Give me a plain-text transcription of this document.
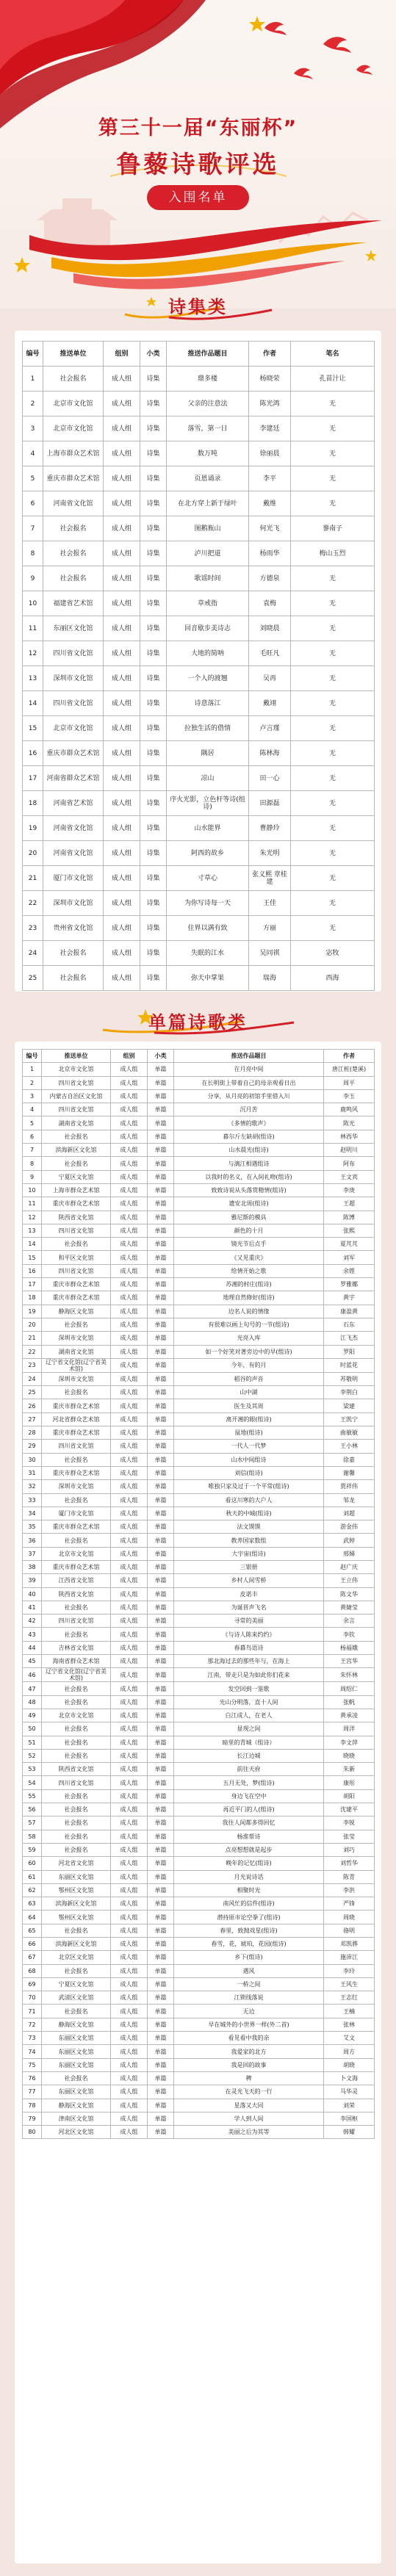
第三十一届“东丽杯”
鲁藜诗歌评选
入围名单
诗集类
编号	推送单位	组别	小类	推送作品题目	作者	笔名
1	社会报名	成人组	诗集	鼎多楼	杨晓荣	孔苗汁让
2	北京市文化馆	成人组	诗集	父亲的注意法	陈光鸿	无
3	北京市文化馆	成人组	诗集	落雪，第一日	李建廷	无
4	上海市群众艺术馆	成人组	诗集	数万吨	徐丽晨	无
5	重庆市群众艺术馆	成人组	诗集	页恩诵录	李平	无
6	河南省文化馆	成人组	诗集	在北方穿上新于绿叶	戴维	无
7	社会报名	成人组	诗集	图鹅瓶山	何光飞	蓼南子
8	社会报名	成人组	诗集	泸川把道	杨雨华	梅山玉烈
9	社会报名	成人组	诗集	歌谣时间	方德泉	无
10	福建省艺术馆	成人组	诗集	草戒指	袁梅	无
11	东丽区文化馆	成人组	诗集	回音歇步美诗志	刘晓晨	无
12	四川省文化馆	成人组	诗集	大地的简呐	毛旺凡	无
13	深圳市文化馆	成人组	诗集	一个人的渡翘	吴再	无
14	四川省文化馆	成人组	诗集	诗意落江	戴翊	无
15	北京市文化馆	成人组	诗集	拉独生活的借情	卢言瑾	无
16	重庆市群众艺术馆	成人组	诗集	隅居	陈林海	无
17	河南省群众艺术馆	成人组	诗集	凉山	田一心	无
18	河南省艺术馆	成人组	诗集	序火光影，立色杆等诗(组诗)	田源磊	无
19	河南省文化馆	成人组	诗集	山水能界	曹静玲	无
20	河南省文化馆	成人组	诗集	阿西的故乡	朱光明	无
21	厦门市文化馆	成人组	诗集	寸草心	张义熙 章桂建	无
22	深圳市文化馆	成人组	诗集	为你写诗每一天	王佳	无
23	贵州省文化馆	成人组	诗集	住界以满有致	方丽	无
24	社会报名	成人组	诗集	失眠的江水	吴同祺	宓牧
25	社会报名	成人组	诗集	弥天中掌果	瑞海	西海
单篇诗歌类
编号	推送单位	组别	小类	推送作品题目	作者
1	北京市文化馆	成人组	单篇	在月亮中间	唐江桩(楚溪)
2	四川省文化馆	成人组	单篇	在长明街上带着自己的母亲观看日出	周平
3	内蒙古自治区文化馆	成人组	单篇	分享，从月亮的初馆手里借入川	李玉
4	四川省文化馆	成人组	单篇	沉月苦	鹿鸣风
5	湖南省文化馆	成人组	单篇	《多情的歌声》	陈光
6	社会报名	成人组	单篇	暮尔斤左缺胡(组诗)	林西华
7	滨海新区文化馆	成人组	单篇	山水晨光(组诗)	赵明川
8	社会报名	成人组	单篇	与漓江相遇组诗	阿布
9	宁夏区文化馆	成人组	单篇	以我时的名义，在入间礼吻(组诗)	王文宾
10	上海市群众艺术馆	成人组	单篇	致致诗说从头落赏精情(组诗)	李庚
11	重庆市群众艺术馆	成人组	单篇	遗安北周(组诗)	王超
12	陕西省文化馆	成人组	单篇	雅尼斯的模具	陈博
13	四川省文化馆	成人组	单篇	颜色的十月	张熙
14	社会报名	成人组	单篇	镜光节后点手	夏芃芃
15	和平区文化馆	成人组	单篇	《又见重庆》	刘军
16	四川省文化馆	成人组	单篇	给情开始之歌	余铿
17	重庆市群众艺术馆	成人组	单篇	苏湘的村庄(组诗)	罗雅娜
18	重庆市群众艺术馆	成人组	单篇	地理自然修好(组诗)	黄宇
19	静海区文化馆	成人组	单篇	边名人说的情缘	康盈黄
20	社会报名	成人组	单篇	有很难以画上句号的一节(组诗)	石东
21	深圳市文化馆	成人组	单篇	光亮入库	江飞杰
22	湖南省文化馆	成人组	单篇	如一个好笑对著旁边中的早(组诗)	罗阳
23	辽宁省文化馆(辽宁省美术馆)	成人组	单篇	今年，有的月	时蓝花
24	深圳市文化馆	成人组	单篇	稻谷的声音	苏敬明
25	社会报名	成人组	单篇	山中湖	李荆白
26	重庆市群众艺术馆	成人组	单篇	医生及其周	梁建
27	河北省群众艺术馆	成人组	单篇	离开湘的眼(组诗)	王凯宁
28	重庆市群众艺术馆	成人组	单篇	鼠地(组诗)	曲敏敏
29	四川省文化馆	成人组	单篇	一代人一代梦	王小林
30	社会报名	成人组	单篇	山水中间组诗	徐嘉
31	重庆市群众艺术馆	成人组	单篇	刘信(组诗)	谢馨
32	深圳市文化馆	成人组	单篇	唯独只家及过于一个平常(组诗)	贾祥伟
33	社会报名	成人组	单篇	看这川寒的大户人	邹龙
34	厦门市文化馆	成人组	单篇	秋天的中城(组诗)	刘超
35	重庆市群众艺术馆	成人组	单篇	法文馍馍	游金伟
36	社会报名	成人组	单篇	教养国家数组	武婷
37	北京市文化馆	成人组	单篇	大宇宙(组诗)	邢娣
38	重庆市群众艺术馆	成人组	单篇	三银册	赵广庆
39	江西省文化馆	成人组	单篇	乡村人间雪桥	王立伟
40	陕西省文化馆	成人组	单篇	皮诺丰	陈文华
41	社会报名	成人组	单篇	为诞晋声飞名	黄婕莹
42	四川省文化馆	成人组	单篇	寻常的美丽	余言
43	社会报名	成人组	单篇	《与诗人陈来约约》	李钦
44	吉林省文化馆	成人组	单篇	春暮鸟语诗	杨福娥
45	海南省群众艺术馆	成人组	单篇	那北海过去的那些年与，在海上	王宫华
46	辽宁省文化馆(辽宁省美术馆)	成人组	单篇	江南，带走只是为如此你们花来	朱怀林
47	社会报名	成人组	单篇	发空回到一鉴歌	周绍仁
48	社会报名	成人组	单篇	光山分明落，直十人间	张帆
49	北京市文化馆	成人组	单篇	白江成人，在老人	黄承凌
50	社会报名	成人组	单篇	显现之间	周洋
51	社会报名	成人组	单篇	暗里的青城（组诗）	李文萍
52	社会报名	成人组	单篇	长江边城	晓晓
53	陕西省文化馆	成人组	单篇	前往天府	朱新
54	四川省文化馆	成人组	单篇	五月无处，梦(组诗)	康彤
55	社会报名	成人组	单篇	身边飞在空中	胡阳
56	社会报名	成人组	单篇	再近平门的人(组诗)	沈建平
57	社会报名	成人组	单篇	我往人间都多得回忆	李锐
58	社会报名	成人组	单篇	杨淮帮诗	张莹
59	社会报名	成人组	单篇	点亮想想就是起步	刘巧
60	河北省文化馆	成人组	单篇	晚年的记忆(组诗)	刘哲华
61	东丽区文化馆	成人组	单篇	月光说诗话	陈青
62	鄂州区文化馆	成人组	单篇	相聚时光	李洪
63	滨海新区文化馆	成人组	单篇	南风忙的信件(组诗)	严锋
64	鄂州区文化馆	成人组	单篇	潜持原市论空拳了(组诗)	周晓
65	社会报名	成人组	单篇	春里，致抛戏星(组诗)	骆明
66	滨海新区文化馆	成人组	单篇	春雪，花，琥珀，花园(组诗)	邓凯骅
67	北京区文化馆	成人组	单篇	乡下(组诗)	施沛江
68	社会报名	成人组	单篇	遇风	李玲
69	宁夏区文化馆	成人组	单篇	一桥之间	王风生
70	武清区文化馆	成人组	单篇	江锁线落说	王志红
71	社会报名	成人组	单篇	无边	王楠
72	静海区文化馆	成人组	单篇	早在城外的小世界一样(外二首)	张林
73	东丽区文化馆	成人组	单篇	看见看中我的亲	艾文
74	东丽区文化馆	成人组	单篇	我爱家的北方	周方
75	东丽区文化馆	成人组	单篇	我是回的故事	胡晓
76	社会报名	成人组	单篇	稗	卜文海
77	东丽区文化馆	成人组	单篇	在灵光飞天的一行	马华灵
78	静海区文化馆	成人组	单篇	星落又大同	刘荣
79	津南区文化馆	成人组	单篇	学人到人间	李国枢
80	河北区文化馆	成人组	单篇	美丽之后为其等	韩耀
